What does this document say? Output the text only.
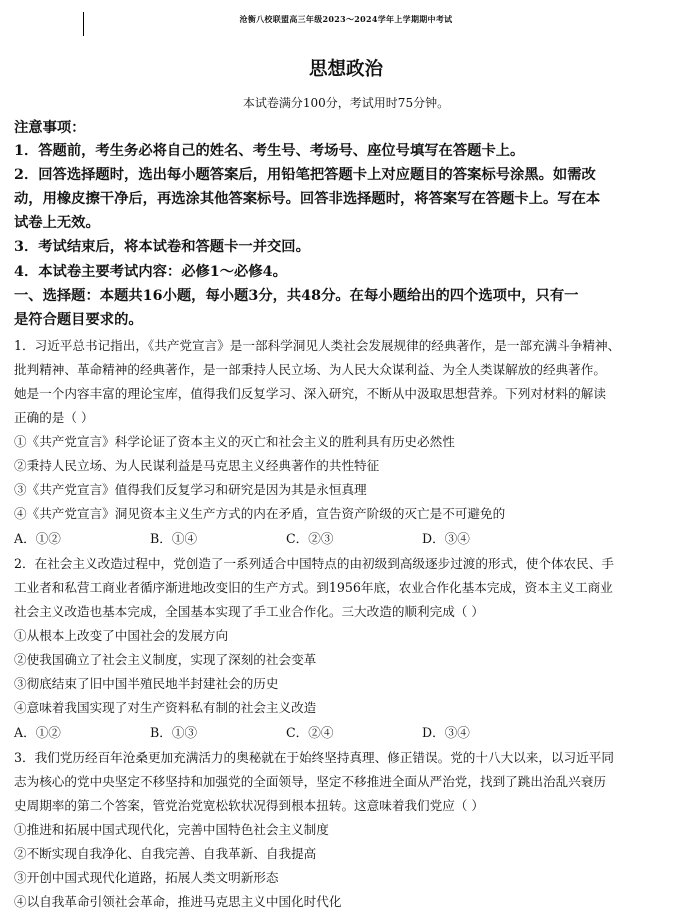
沧衡八校联盟高三年级2023～2024学年上学期期中考试
思想政治
本试卷满分100分，考试用时75分钟。
注意事项：
1．答题前，考生务必将自己的姓名、考生号、考场号、座位号填写在答题卡上。
2．回答选择题时，选出每小题答案后，用铅笔把答题卡上对应题目的答案标号涂黑。如需改
动，用橡皮擦干净后，再选涂其他答案标号。回答非选择题时，将答案写在答题卡上。写在本
试卷上无效。
3．考试结束后，将本试卷和答题卡一并交回。
4．本试卷主要考试内容：必修1～必修4。
一、选择题：本题共16小题，每小题3分，共48分。在每小题给出的四个选项中，只有一
是符合题目要求的。
1．习近平总书记指出，《共产党宣言》是一部科学洞见人类社会发展规律的经典著作，是一部充满斗争精神、
批判精神、革命精神的经典著作，是一部秉持人民立场、为人民大众谋利益、为全人类谋解放的经典著作。
她是一个内容丰富的理论宝库，值得我们反复学习、深入研究，不断从中汲取思想营养。下列对材料的解读
正确的是（ ）
①《共产党宣言》科学论证了资本主义的灭亡和社会主义的胜利具有历史必然性
②秉持人民立场、为人民谋利益是马克思主义经典著作的共性特征
③《共产党宣言》值得我们反复学习和研究是因为其是永恒真理
④《共产党宣言》洞见资本主义生产方式的内在矛盾，宣告资产阶级的灭亡是不可避免的
A．①②	B．①④	C．②③	D．③④
2．在社会主义改造过程中，党创造了一系列适合中国特点的由初级到高级逐步过渡的形式，使个体农民、手
工业者和私营工商业者循序渐进地改变旧的生产方式。到1956年底，农业合作化基本完成，资本主义工商业
社会主义改造也基本完成，全国基本实现了手工业合作化。三大改造的顺利完成（ ）
①从根本上改变了中国社会的发展方向
②使我国确立了社会主义制度，实现了深刻的社会变革
③彻底结束了旧中国半殖民地半封建社会的历史
④意味着我国实现了对生产资料私有制的社会主义改造
A．①②	B．①③	C．②④	D．③④
3．我们党历经百年沧桑更加充满活力的奥秘就在于始终坚持真理、修正错误。党的十八大以来，以习近平同
志为核心的党中央坚定不移坚持和加强党的全面领导，坚定不移推进全面从严治党，找到了跳出治乱兴衰历
史周期率的第二个答案，管党治党宽松软状况得到根本扭转。这意味着我们党应（ ）
①推进和拓展中国式现代化，完善中国特色社会主义制度
②不断实现自我净化、自我完善、自我革新、自我提高
③开创中国式现代化道路，拓展人类文明新形态
④以自我革命引领社会革命，推进马克思主义中国化时代化
